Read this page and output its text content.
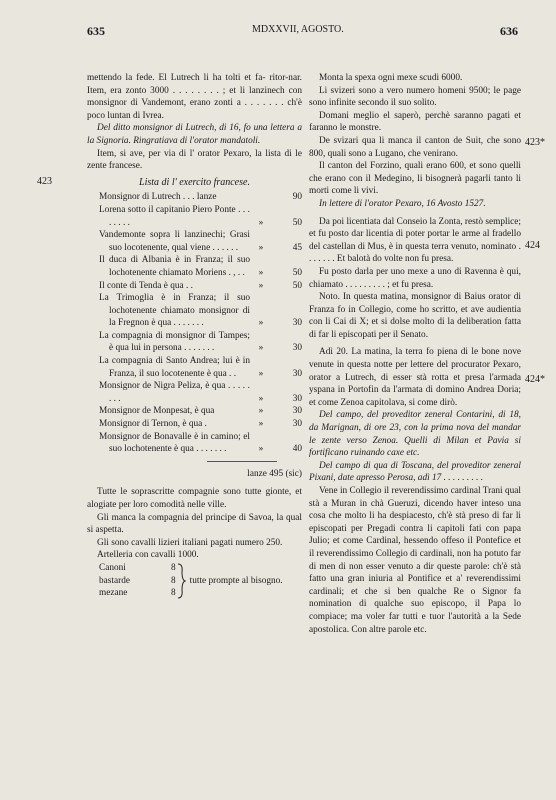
635	MDXXVII, AGOSTO.	636
423
423*
424
424*

mettendo la fede. El Lutrech li ha tolti et fa- ritor-nar. Item, era zonto 3000 . . . . . . . . ; et li lanzinech con monsignor di Vandemont, erano zonti a . . . . . . . ch'è poco luntan di Ivrea.

Del ditto monsignor di Lutrech, di 16, fo una lettera a la Signoria. Ringratiava di l'orator mandatoli.

Item, si ave, per via di l' orator Pexaro, la lista di le zente francese.

Lista di l' exercito francese.
Monsignor di Lutrech . . . lanze	90
Lorena sotto il capitanio Piero Ponte . . . . . . . .	»	50
Vandemonte sopra li lanzinechi; Grasi suo locotenente, qual viene . . . . . .	»	45
Il duca di Albania è in Franza; il suo lochotenente chiamato Moriens . , . .	»	50
Il conte di Tenda è qua . .	»	50
La Trimoglia è in Franza; il suo lochotenente chiamato monsignor di la Fregnon è qua . . . . . . .	»	30
La compagnia di monsignor di Tampes; è qua lui in persona . . . . . . .	»	30
La compagnia di Santo Andrea; lui è in Franza, il suo locotenente è qua . .	»	30
Monsignor de Nigra Peliza, è qua . . . . . . . .	»	30
Monsignor de Monpesat, è qua	»	30
Monsignor di Ternon, è qua .	»	30
Monsignor de Bonavalle è in camino; el suo lochotenente è qua . . . . . . .	»	40
lanze 495 (sic)

Tutte le soprascritte compagnie sono tutte gionte, et alogiate per loro comodità nelle ville.

Gli manca la compagnia del principe di Savoa, la qual si aspetta.

Gli sono cavalli lizieri italiani pagati numero 250.

Artelleria con cavalli 1000.

Canoni	8
bastarde	8
mezane	8
tutte prompte al bisogno.

Monta la spexa ogni mexe scudi 6000.

Li svizeri sono a vero numero homeni 9500; le page sono infinite secondo il suo solito.

Domani meglio el saperò, perchè saranno pagati et faranno le monstre.

De svizari qua li manca il canton de Suit, che sono 800, quali sono a Lugano, che venirano.

Il canton del Forzino, quali erano 600, et sono quelli che erano con il Medegino, li bisognerà pagarli tanto li morti come li vivi.

In lettere di l'orator Pexaro, 16 Avosto 1527.

Da poi licentiata dal Conseio la Zonta, restò semplice; et fu posto dar licentia di poter portar le arme al fradello del castellan di Mus, è in questa terra venuto, nominato . . . . . . . Et balotà do volte non fu presa.

Fu posto darla per uno mexe a uno di Ravenna è qui, chiamato . . . . . . . . . ; et fu presa.

Noto. In questa matina, monsignor di Baius orator di Franza fo in Collegio, come ho scritto, et ave audientia con li Cai di X; et si dolse molto di la deliberation fatta di far li episcopati per il Senato.

Adì 20. La matina, la terra fo piena di le bone nove venute in questa notte per lettere del procurator Pexaro, orator a Lutrech, di esser stà rotta et presa l'armada yspana in Portofin da l'armata di domino Andrea Doria; et come Zenoa capitolava, si come dirò.

Del campo, del proveditor zeneral Contarini, di 18, da Marignan, di ore 23, con la prima nova del mandar le zente verso Zenoa. Quelli di Milan et Pavia si fortificano ruinando caxe etc.

Del campo di qua di Toscana, del proveditor zeneral Pixani, date apresso Perosa, adì 17 . . . . . . . . .

Vene in Collegio il reverendissimo cardinal Trani qual stà a Muran in chà Gueruzi, dicendo haver inteso una cosa che molto li ha despiacesto, ch'è stà preso di far li episcopati per Pregadi contra li capitoli fati con papa Julio; et come Cardinal, hessendo offeso il Pontefice et il reverendissimo Collegio di cardinali, non ha potuto far di men di non esser venuto a dir queste parole: ch'è stà fatto una gran iniuria al Pontifice et a' reverendissimi cardinali; et che si ben qualche Re o Signor fa nomination di qualche suo episcopo, il Papa lo compiace; ma voler far tutti e tuor l'autorità a la Sede apostolica. Con altre parole etc.
